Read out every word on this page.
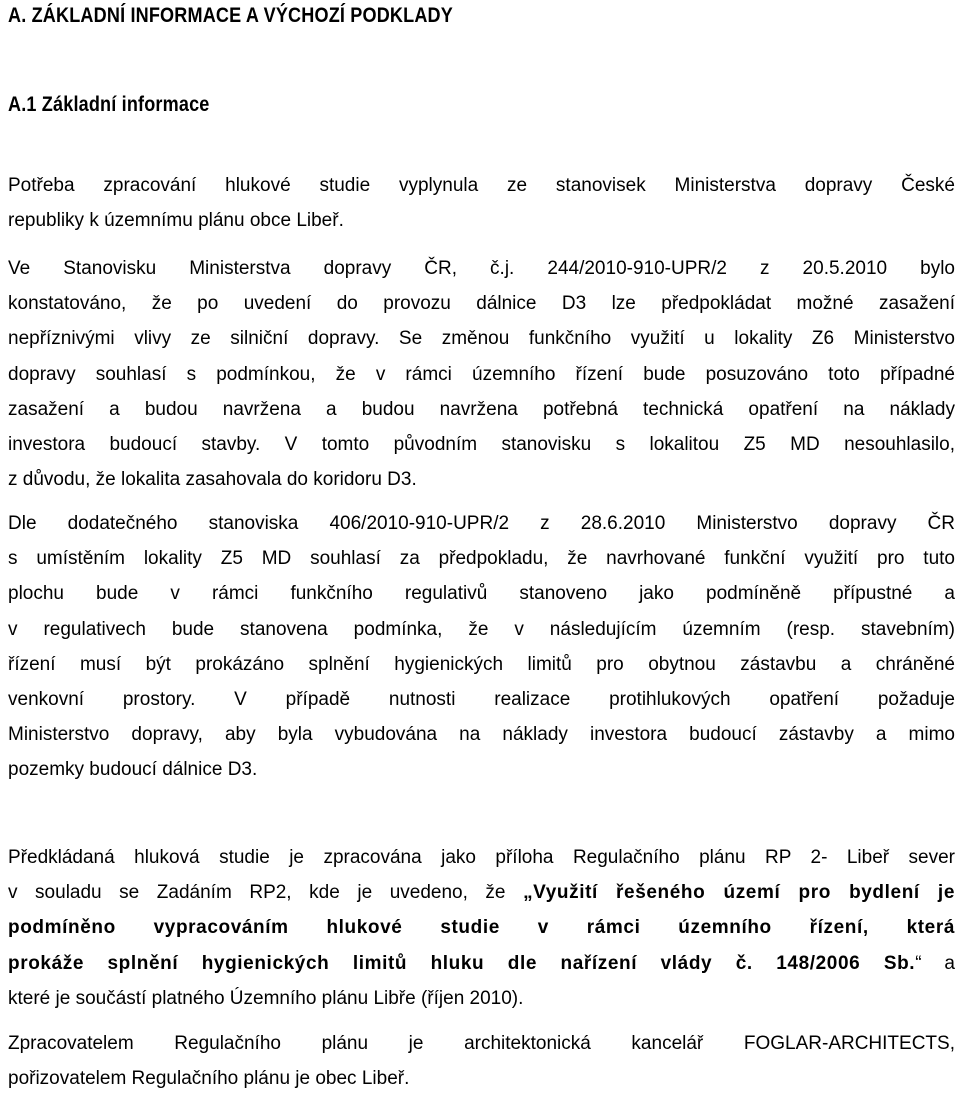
A. ZÁKLADNÍ INFORMACE A VÝCHOZÍ PODKLADY
A.1 Základní informace
Potřeba zpracování hlukové studie vyplynula ze stanovisek Ministerstva dopravy České
republiky k územnímu plánu obce Libeř.
Ve Stanovisku Ministerstva dopravy ČR, č.j. 244/2010-910-UPR/2 z 20.5.2010 bylo
konstatováno, že po uvedení do provozu dálnice D3 lze předpokládat možné zasažení
nepříznivými vlivy ze silniční dopravy. Se změnou funkčního využití u lokality Z6 Ministerstvo
dopravy souhlasí s podmínkou, že v rámci územního řízení bude posuzováno toto případné
zasažení a budou navržena a budou navržena potřebná technická opatření na náklady
investora budoucí stavby. V tomto původním stanovisku s lokalitou Z5 MD nesouhlasilo,
z důvodu, že lokalita zasahovala do koridoru D3.
Dle dodatečného stanoviska 406/2010-910-UPR/2 z 28.6.2010 Ministerstvo dopravy ČR
s umístěním lokality Z5 MD souhlasí za předpokladu, že navrhované funkční využití pro tuto
plochu bude v rámci funkčního regulativů stanoveno jako podmíněně přípustné a
v regulativech bude stanovena podmínka, že v následujícím územním (resp. stavebním)
řízení musí být prokázáno splnění hygienických limitů pro obytnou zástavbu a chráněné
venkovní prostory. V případě nutnosti realizace protihlukových opatření požaduje
Ministerstvo dopravy, aby byla vybudována na náklady investora budoucí zástavby a mimo
pozemky budoucí dálnice D3.
Předkládaná hluková studie je zpracována jako příloha Regulačního plánu RP 2- Libeř sever
v souladu se Zadáním RP2, kde je uvedeno, že „Využití řešeného území pro bydlení je
podmíněno vypracováním hlukové studie v rámci územního řízení, která
prokáže splnění hygienických limitů hluku dle nařízení vlády č. 148/2006 Sb.“ a
které je součástí platného Územního plánu Libře (říjen 2010).
Zpracovatelem Regulačního plánu je architektonická kancelář FOGLAR-ARCHITECTS,
pořizovatelem Regulačního plánu je obec Libeř.
